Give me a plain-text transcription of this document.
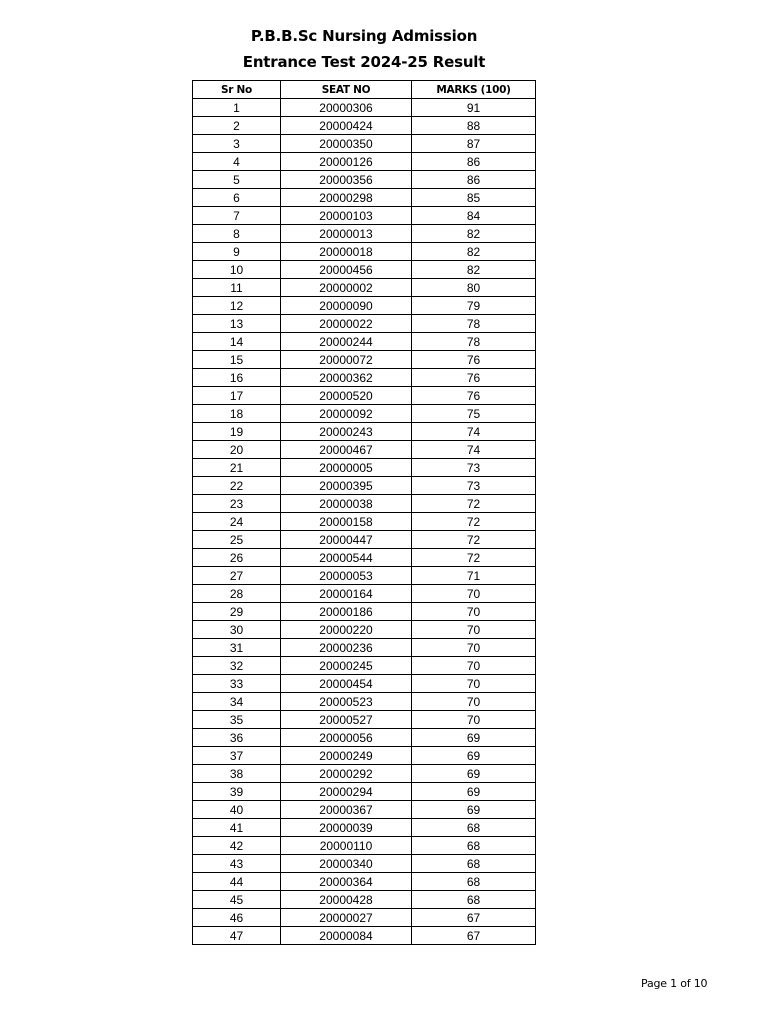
P.B.B.Sc Nursing Admission
Entrance Test 2024-25 Result
Sr No	SEAT NO	MARKS (100)
1	20000306	91
2	20000424	88
3	20000350	87
4	20000126	86
5	20000356	86
6	20000298	85
7	20000103	84
8	20000013	82
9	20000018	82
10	20000456	82
11	20000002	80
12	20000090	79
13	20000022	78
14	20000244	78
15	20000072	76
16	20000362	76
17	20000520	76
18	20000092	75
19	20000243	74
20	20000467	74
21	20000005	73
22	20000395	73
23	20000038	72
24	20000158	72
25	20000447	72
26	20000544	72
27	20000053	71
28	20000164	70
29	20000186	70
30	20000220	70
31	20000236	70
32	20000245	70
33	20000454	70
34	20000523	70
35	20000527	70
36	20000056	69
37	20000249	69
38	20000292	69
39	20000294	69
40	20000367	69
41	20000039	68
42	20000110	68
43	20000340	68
44	20000364	68
45	20000428	68
46	20000027	67
47	20000084	67
Page 1 of 10
